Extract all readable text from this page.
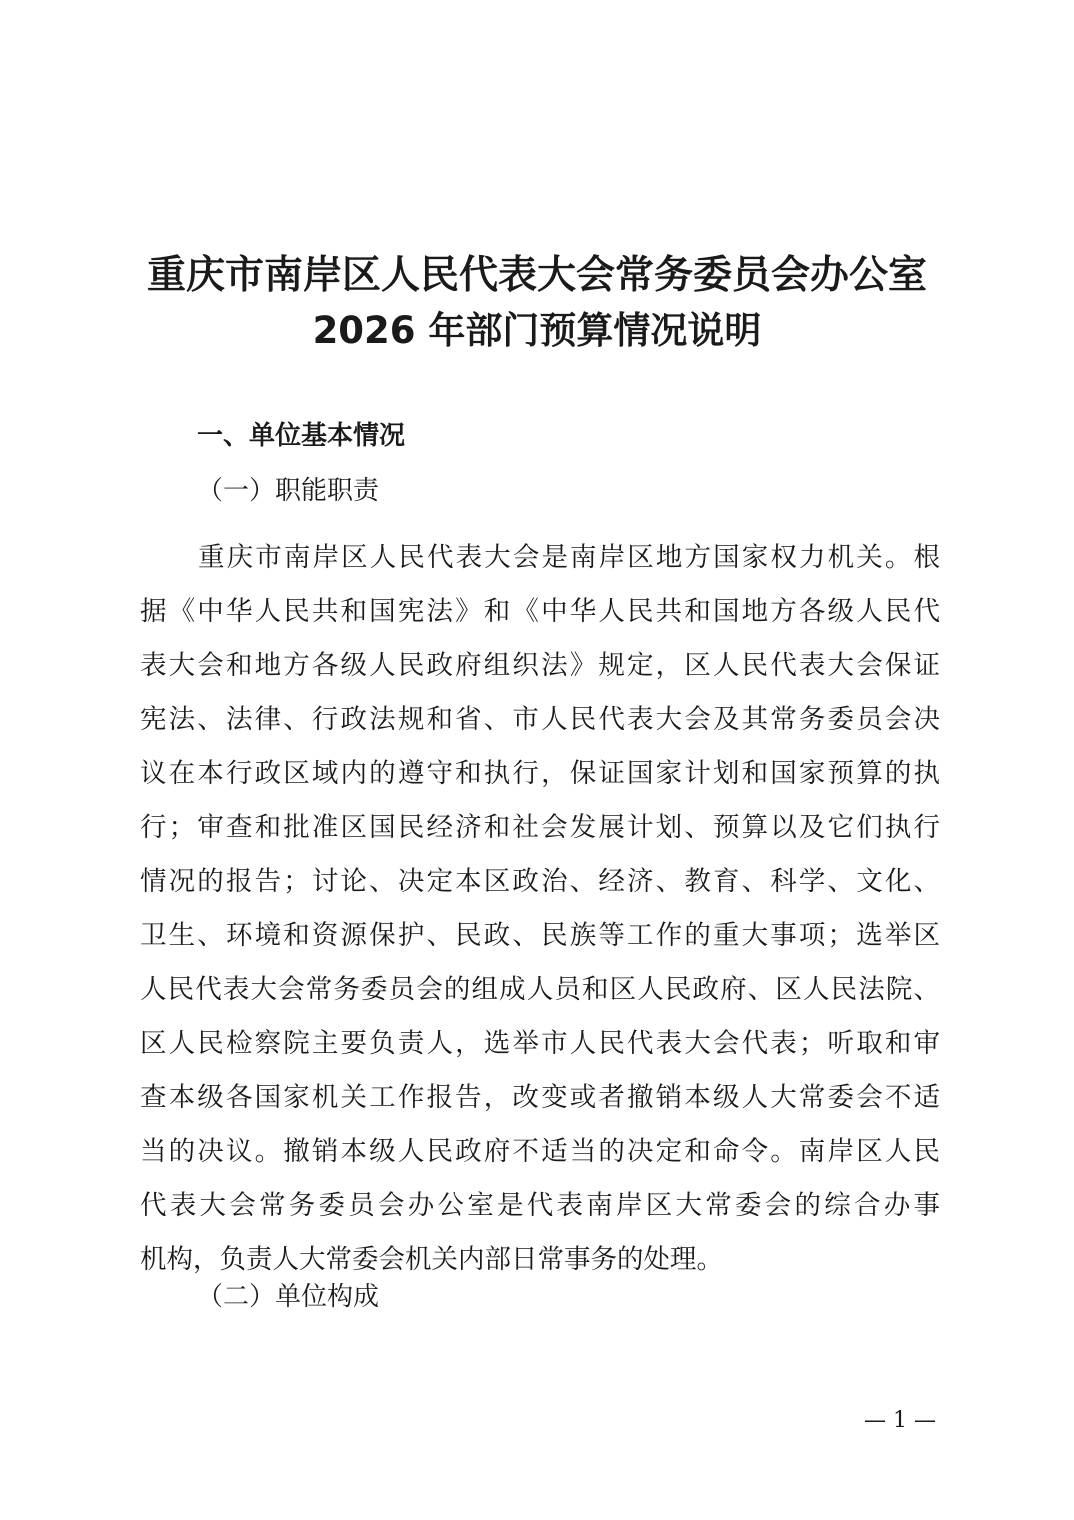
重庆市南岸区人民代表大会常务委员会办公室
2026 年部门预算情况说明
一、单位基本情况
（一）职能职责
重庆市南岸区人民代表大会是南岸区地方国家权力机关。根
据《中华人民共和国宪法》和《中华人民共和国地方各级人民代
表大会和地方各级人民政府组织法》规定，区人民代表大会保证
宪法、法律、行政法规和省、市人民代表大会及其常务委员会决
议在本行政区域内的遵守和执行，保证国家计划和国家预算的执
行；审查和批准区国民经济和社会发展计划、预算以及它们执行
情况的报告；讨论、决定本区政治、经济、教育、科学、文化、
卫生、环境和资源保护、民政、民族等工作的重大事项；选举区
人民代表大会常务委员会的组成人员和区人民政府、区人民法院、
区人民检察院主要负责人，选举市人民代表大会代表；听取和审
查本级各国家机关工作报告，改变或者撤销本级人大常委会不适
当的决议。撤销本级人民政府不适当的决定和命令。南岸区人民
代表大会常务委员会办公室是代表南岸区大常委会的综合办事
机构，负责人大常委会机关内部日常事务的处理。
（二）单位构成
— 1 —
